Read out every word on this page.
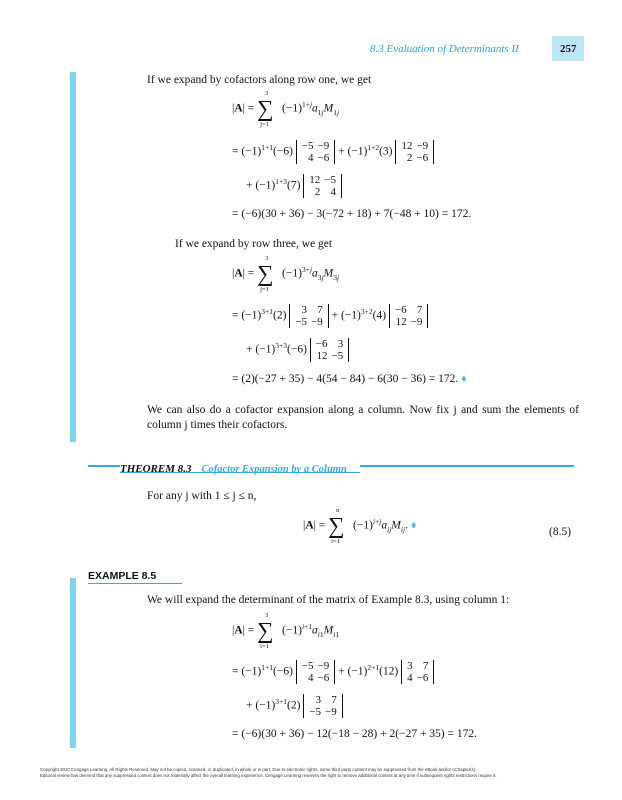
8.3 Evaluation of Determinants II	257
If we expand by cofactors along row one, we get
|A| =
3
∑
j=1
$(-1)^{1+j}a_{1j}M_{1j}$
= $(-1)^{1+1}(-6) -5$	−9
4	−6
+ $(-1)^{1+2}(3)$ 12	−9
2	−6
+ $(-1)^{1+3}(7)$ 12	−5
2	4
= (−6)(30 + 36) − 3(−72 + 18) + 7(−48 + 10) = 172.
If we expand by row three, we get
|A| =
3
∑
j=1
$(-1)^{3+j}a_{3j}M_{3j}$
= $(-1)^{3+1}(2)$ 3	7
−5	−9
+ $(-1)^{3+2}(4) -6$	7
12	−9
+ $(-1)^{3+3}(-6) -6$	3
12	−5
= (2)(−27 + 35) − 4(54 − 84) − 6(30 − 36) = 172. ♦
We can also do a cofactor expansion along a column. Now fix j and sum the elements of column j times their cofactors.
THEOREM 8.3 Cofactor Expansion by a Column
For any j with 1 ≤ j ≤ n,
|A| =
n
∑
i=1
$(-1)^{i+j}a_{ij}M_{ij}$. ♦
(8.5)
EXAMPLE 8.5
We will expand the determinant of the matrix of Example 8.3, using column 1:
|A| =
3
∑
i=1
$(-1)^{i+1}a_{i1}M_{i1}$
= $(-1)^{1+1}(-6) -5$	−9
4	−6
+ $(-1)^{2+1}(12)$ 3	7
4	−6
+ $(-1)^{3+1}(2)$ 3	7
−5	−9
= (−6)(30 + 36) − 12(−18 − 28) + 2(−27 + 35) = 172.
Copyright 2010 Cengage Learning. All Rights Reserved. May not be copied, scanned, or duplicated, in whole or in part. Due to electronic rights, some third party content may be suppressed from the eBook and/or eChapter(s).
Editorial review has deemed that any suppressed content does not materially affect the overall learning experience. Cengage Learning reserves the right to remove additional content at any time if subsequent rights restrictions require it.
